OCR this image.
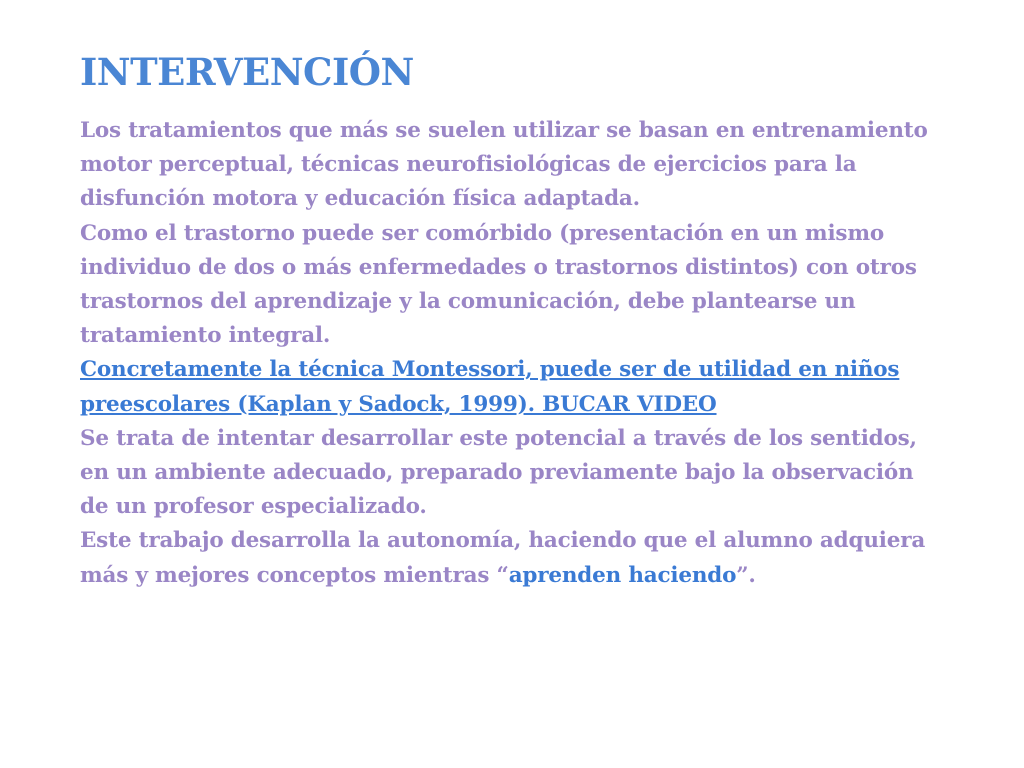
INTERVENCIÓN

Los tratamientos que más se suelen utilizar se basan en entrenamiento motor perceptual, técnicas neurofisiológicas de ejercicios para la disfunción motora y educación física adaptada.

Como el trastorno puede ser comórbido (presentación en un mismo individuo de dos o más enfermedades o trastornos distintos) con otros trastornos del aprendizaje y la comunicación, debe plantearse un tratamiento integral.

Concretamente la técnica Montessori, puede ser de utilidad en niños preescolares (Kaplan y Sadock, 1999). BUCAR VIDEO

Se trata de intentar desarrollar este potencial a través de los sentidos, en un ambiente adecuado, preparado previamente bajo la observación de un profesor especializado.

Este trabajo desarrolla la autonomía, haciendo que el alumno adquiera más y mejores conceptos mientras “aprenden haciendo”.
